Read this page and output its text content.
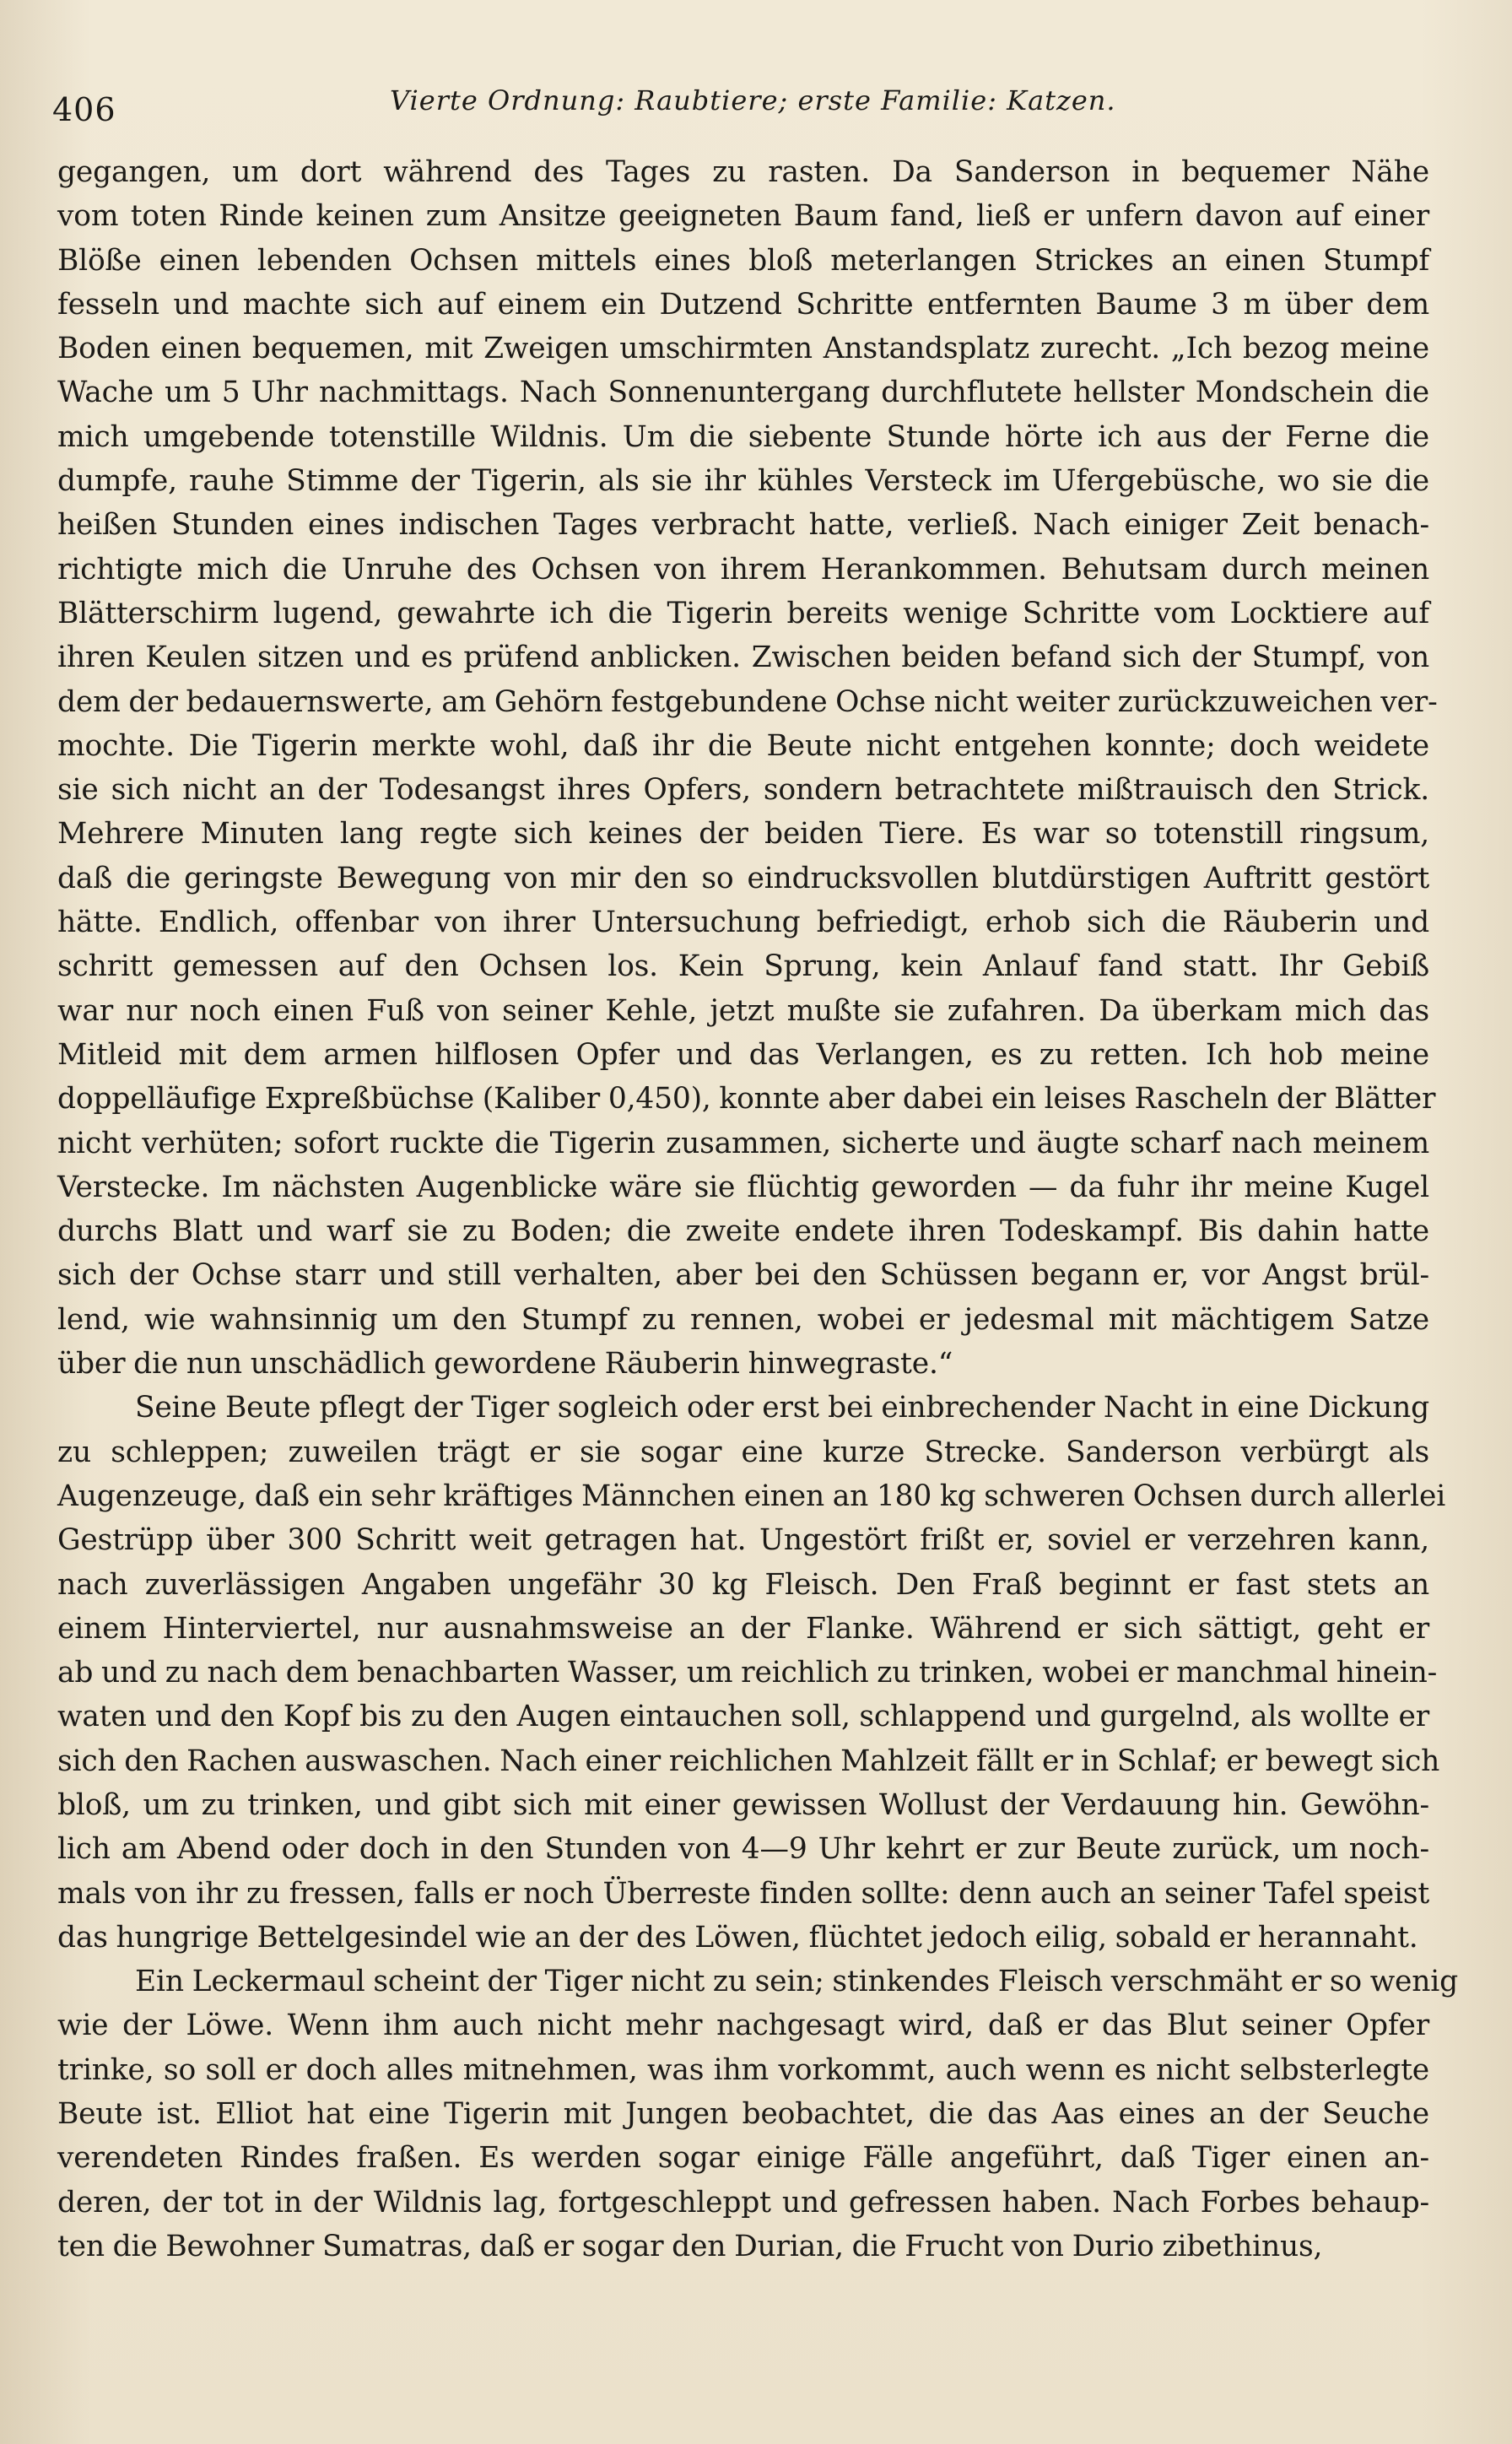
406	Vierte Ordnung: Raubtiere; erste Familie: Katzen.
gegangen, um dort während des Tages zu rasten. Da Sanderson in bequemer Nähe
vom toten Rinde keinen zum Ansitze geeigneten Baum fand, ließ er unfern davon auf einer
Blöße einen lebenden Ochsen mittels eines bloß meterlangen Strickes an einen Stumpf
fesseln und machte sich auf einem ein Dutzend Schritte entfernten Baume 3 m über dem
Boden einen bequemen, mit Zweigen umschirmten Anstandsplatz zurecht. „Ich bezog meine
Wache um 5 Uhr nachmittags. Nach Sonnenuntergang durchflutete hellster Mondschein die
mich umgebende totenstille Wildnis. Um die siebente Stunde hörte ich aus der Ferne die
dumpfe, rauhe Stimme der Tigerin, als sie ihr kühles Versteck im Ufergebüsche, wo sie die
heißen Stunden eines indischen Tages verbracht hatte, verließ. Nach einiger Zeit benach-
richtigte mich die Unruhe des Ochsen von ihrem Herankommen. Behutsam durch meinen
Blätterschirm lugend, gewahrte ich die Tigerin bereits wenige Schritte vom Locktiere auf
ihren Keulen sitzen und es prüfend anblicken. Zwischen beiden befand sich der Stumpf, von
dem der bedauernswerte, am Gehörn festgebundene Ochse nicht weiter zurückzuweichen ver-
mochte. Die Tigerin merkte wohl, daß ihr die Beute nicht entgehen konnte; doch weidete
sie sich nicht an der Todesangst ihres Opfers, sondern betrachtete mißtrauisch den Strick.
Mehrere Minuten lang regte sich keines der beiden Tiere. Es war so totenstill ringsum,
daß die geringste Bewegung von mir den so eindrucksvollen blutdürstigen Auftritt gestört
hätte. Endlich, offenbar von ihrer Untersuchung befriedigt, erhob sich die Räuberin und
schritt gemessen auf den Ochsen los. Kein Sprung, kein Anlauf fand statt. Ihr Gebiß
war nur noch einen Fuß von seiner Kehle, jetzt mußte sie zufahren. Da überkam mich das
Mitleid mit dem armen hilflosen Opfer und das Verlangen, es zu retten. Ich hob meine
doppelläufige Expreßbüchse (Kaliber 0,450), konnte aber dabei ein leises Rascheln der Blätter
nicht verhüten; sofort ruckte die Tigerin zusammen, sicherte und äugte scharf nach meinem
Verstecke. Im nächsten Augenblicke wäre sie flüchtig geworden — da fuhr ihr meine Kugel
durchs Blatt und warf sie zu Boden; die zweite endete ihren Todeskampf. Bis dahin hatte
sich der Ochse starr und still verhalten, aber bei den Schüssen begann er, vor Angst brül-
lend, wie wahnsinnig um den Stumpf zu rennen, wobei er jedesmal mit mächtigem Satze
über die nun unschädlich gewordene Räuberin hinwegraste.“
Seine Beute pflegt der Tiger sogleich oder erst bei einbrechender Nacht in eine Dickung
zu schleppen; zuweilen trägt er sie sogar eine kurze Strecke. Sanderson verbürgt als
Augenzeuge, daß ein sehr kräftiges Männchen einen an 180 kg schweren Ochsen durch allerlei
Gestrüpp über 300 Schritt weit getragen hat. Ungestört frißt er, soviel er verzehren kann,
nach zuverlässigen Angaben ungefähr 30 kg Fleisch. Den Fraß beginnt er fast stets an
einem Hinterviertel, nur ausnahmsweise an der Flanke. Während er sich sättigt, geht er
ab und zu nach dem benachbarten Wasser, um reichlich zu trinken, wobei er manchmal hinein-
waten und den Kopf bis zu den Augen eintauchen soll, schlappend und gurgelnd, als wollte er
sich den Rachen auswaschen. Nach einer reichlichen Mahlzeit fällt er in Schlaf; er bewegt sich
bloß, um zu trinken, und gibt sich mit einer gewissen Wollust der Verdauung hin. Gewöhn-
lich am Abend oder doch in den Stunden von 4—9 Uhr kehrt er zur Beute zurück, um noch-
mals von ihr zu fressen, falls er noch Überreste finden sollte: denn auch an seiner Tafel speist
das hungrige Bettelgesindel wie an der des Löwen, flüchtet jedoch eilig, sobald er herannaht.
Ein Leckermaul scheint der Tiger nicht zu sein; stinkendes Fleisch verschmäht er so wenig
wie der Löwe. Wenn ihm auch nicht mehr nachgesagt wird, daß er das Blut seiner Opfer
trinke, so soll er doch alles mitnehmen, was ihm vorkommt, auch wenn es nicht selbsterlegte
Beute ist. Elliot hat eine Tigerin mit Jungen beobachtet, die das Aas eines an der Seuche
verendeten Rindes fraßen. Es werden sogar einige Fälle angeführt, daß Tiger einen an-
deren, der tot in der Wildnis lag, fortgeschleppt und gefressen haben. Nach Forbes behaup-
ten die Bewohner Sumatras, daß er sogar den Durian, die Frucht von Durio zibethinus,
